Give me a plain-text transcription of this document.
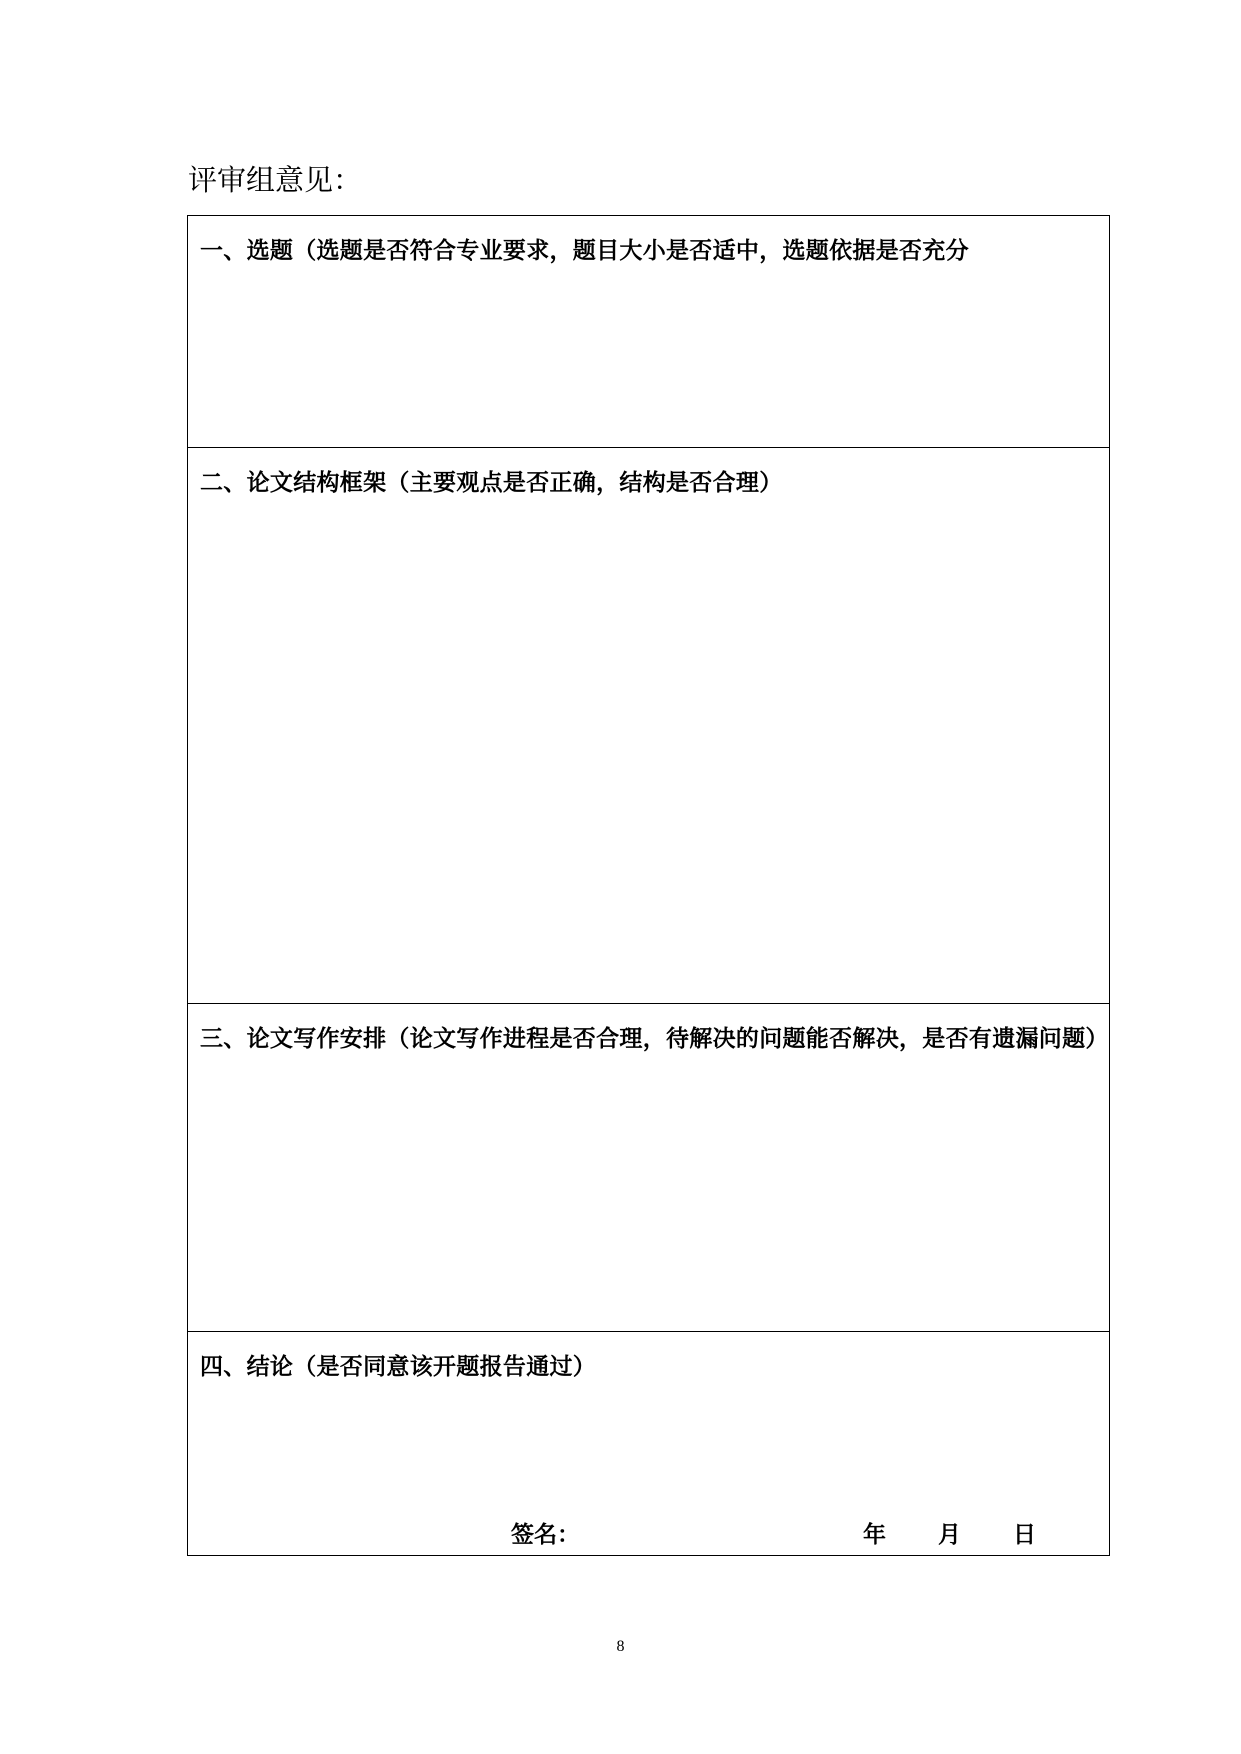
评审组意见：
一、选题（选题是否符合专业要求，题目大小是否适中，选题依据是否充分
二、论文结构框架（主要观点是否正确，结构是否合理）
三、论文写作安排（论文写作进程是否合理，待解决的问题能否解决，是否有遗漏问题）
四、结论（是否同意该开题报告通过）
签名：	年 月 日
8
